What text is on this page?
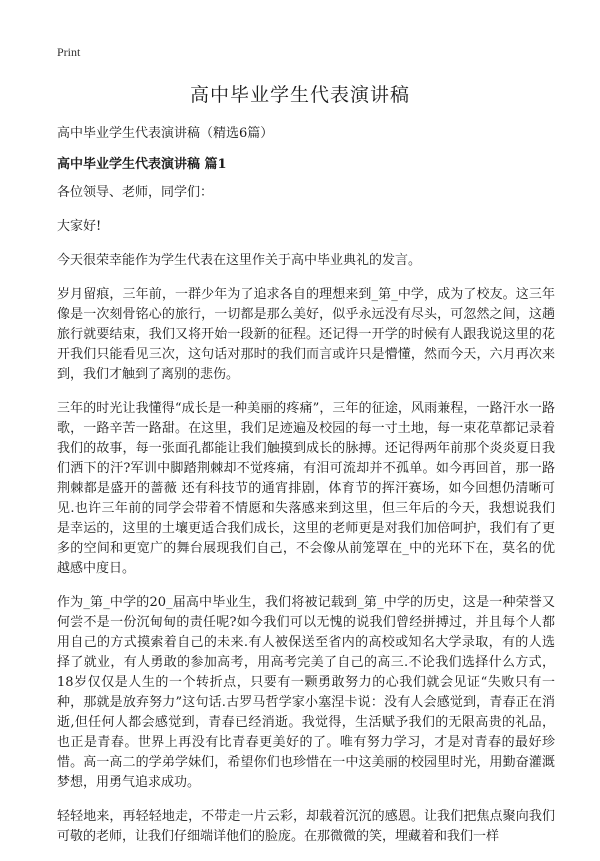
Print
高中毕业学生代表演讲稿

高中毕业学生代表演讲稿（精选6篇）

高中毕业学生代表演讲稿 篇1

各位领导、老师，同学们：

大家好!

今天很荣幸能作为学生代表在这里作关于高中毕业典礼的发言。

岁月留痕，三年前，一群少年为了追求各自的理想来到_第_中学，成为了校友。这三年像是一次刻骨铭心的旅行，一切都是那么美好，似乎永远没有尽头，可忽然之间，这趟旅行就要结束，我们又将开始一段新的征程。还记得一开学的时候有人跟我说这里的花开我们只能看见三次，这句话对那时的我们而言或许只是懵懂，然而今天，六月再次来到，我们才触到了离别的悲伤。

三年的时光让我懂得“成长是一种美丽的疼痛”，三年的征途，风雨兼程，一路汗水一路歌，一路辛苦一路甜。在这里，我们足迹遍及校园的每一寸土地，每一束花草都记录着我们的故事，每一张面孔都能让我们触摸到成长的脉搏。还记得两年前那个炎炎夏日我们洒下的汗?军训中脚踏荆棘却不觉疼痛，有泪可流却并不孤单。如今再回首，那一路荆棘都是盛开的蔷薇 还有科技节的通宵排剧，体育节的挥汗赛场，如今回想仍清晰可见.也许三年前的同学会带着不情愿和失落感来到这里，但三年后的今天，我想说我们是幸运的，这里的土壤更适合我们成长，这里的老师更是对我们加倍呵护，我们有了更多的空间和更宽广的舞台展现我们自己，不会像从前笼罩在_中的光环下在，莫名的优越感中度日。

作为_第_中学的20_届高中毕业生，我们将被记载到_第_中学的历史，这是一种荣誉又何尝不是一份沉甸甸的责任呢?如今我们可以无愧的说我们曾经拼搏过，并且每个人都用自己的方式摸索着自己的未来.有人被保送至省内的高校或知名大学录取，有的人选择了就业，有人勇敢的参加高考，用高考完美了自己的高三.不论我们选择什么方式，18岁仅仅是人生的一个转折点，只要有一颗勇敢努力的心我们就会见证“失败只有一种，那就是放弃努力”这句话.古罗马哲学家小塞涅卡说：没有人会感觉到，青春正在消逝,但任何人都会感觉到，青春已经消逝。我觉得，生活赋予我们的无限高贵的礼品，也正是青春。世界上再没有比青春更美好的了。唯有努力学习，才是对青春的最好珍惜。高一高二的学弟学妹们，希望你们也珍惜在一中这美丽的校园里时光，用勤奋灌溉梦想，用勇气追求成功。

轻轻地来，再轻轻地走，不带走一片云彩，却载着沉沉的感恩。让我们把焦点聚向我们可敬的老师，让我们仔细端详他们的脸庞。在那微微的笑，埋藏着和我们一样
